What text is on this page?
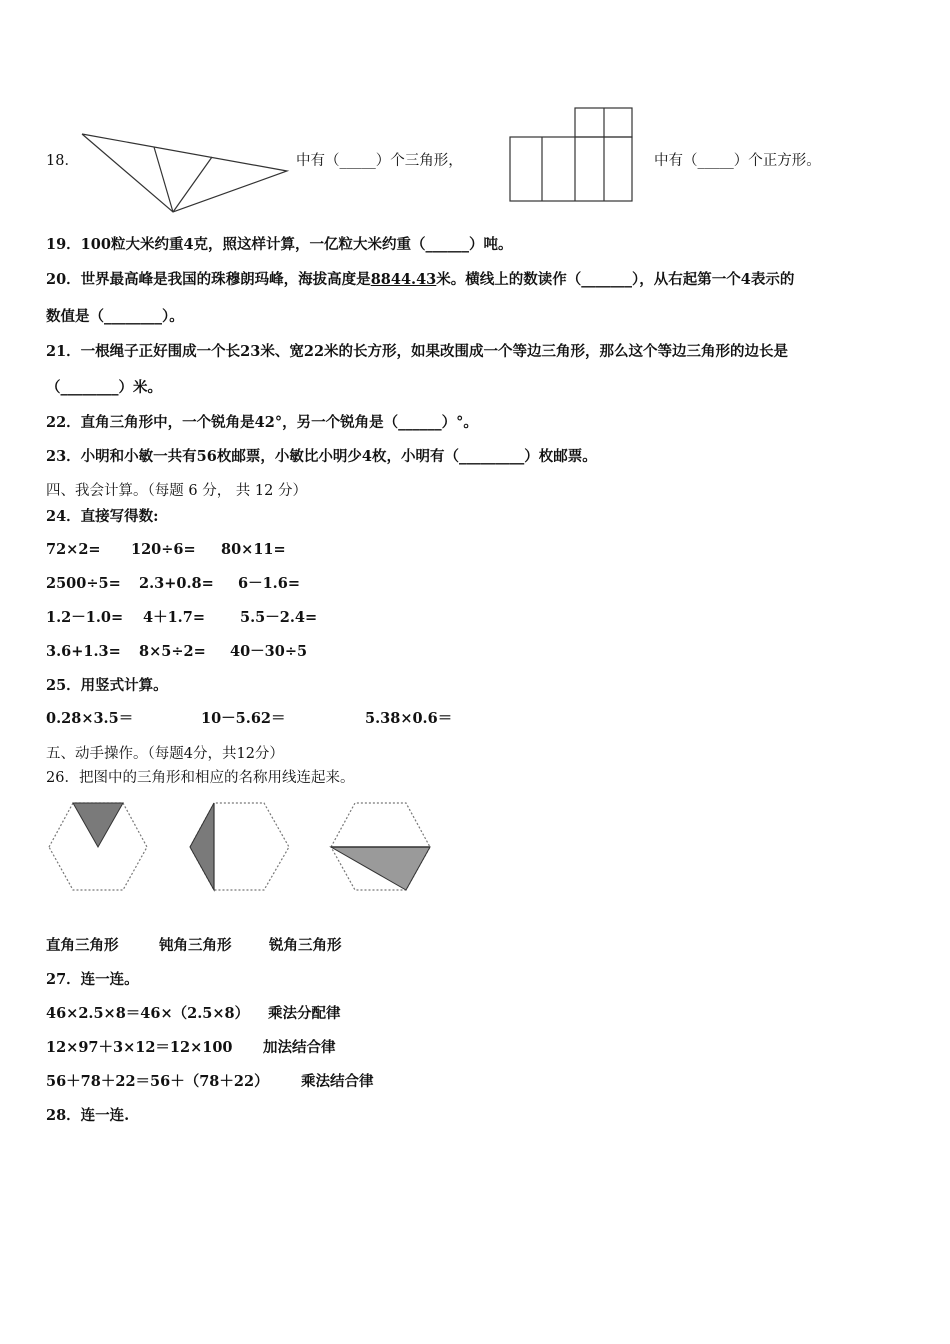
18．	中有（_____）个三角形，	中有（_____）个正方形。
19．100粒大米约重4克，照这样计算，一亿粒大米约重（______）吨。
20．世界最高峰是我国的珠穆朗玛峰，海拔高度是8844.43米。横线上的数读作（_______），从右起第一个4表示的
数值是（________）。
21．一根绳子正好围成一个长23米、宽22米的长方形，如果改围成一个等边三角形，那么这个等边三角形的边长是
（________）米。
22．直角三角形中，一个锐角是42°，另一个锐角是（______）°。
23．小明和小敏一共有56枚邮票，小敏比小明少4枚，小明有（_________）枚邮票。
四、我会计算。（每题 6 分， 共 12 分）
24．直接写得数:
72×2= 120÷6= 80×11=
2500÷5= 2.3+0.8= 6－1.6=
1.2－1.0= 4＋1.7= 5.5－2.4=
3.6+1.3= 8×5÷2= 40－30÷5
25．用竖式计算。
0.28×3.5＝	10－5.62＝	5.38×0.6＝
五、动手操作。（每题4分，共12分）
26．把图中的三角形和相应的名称用线连起来。
直角三角形	钝角三角形	锐角三角形
27．连一连。
46×2.5×8＝46×（2.5×8） 乘法分配律
12×97＋3×12＝12×100 加法结合律
56＋78＋22＝56＋（78＋22） 乘法结合律
28．连一连.
